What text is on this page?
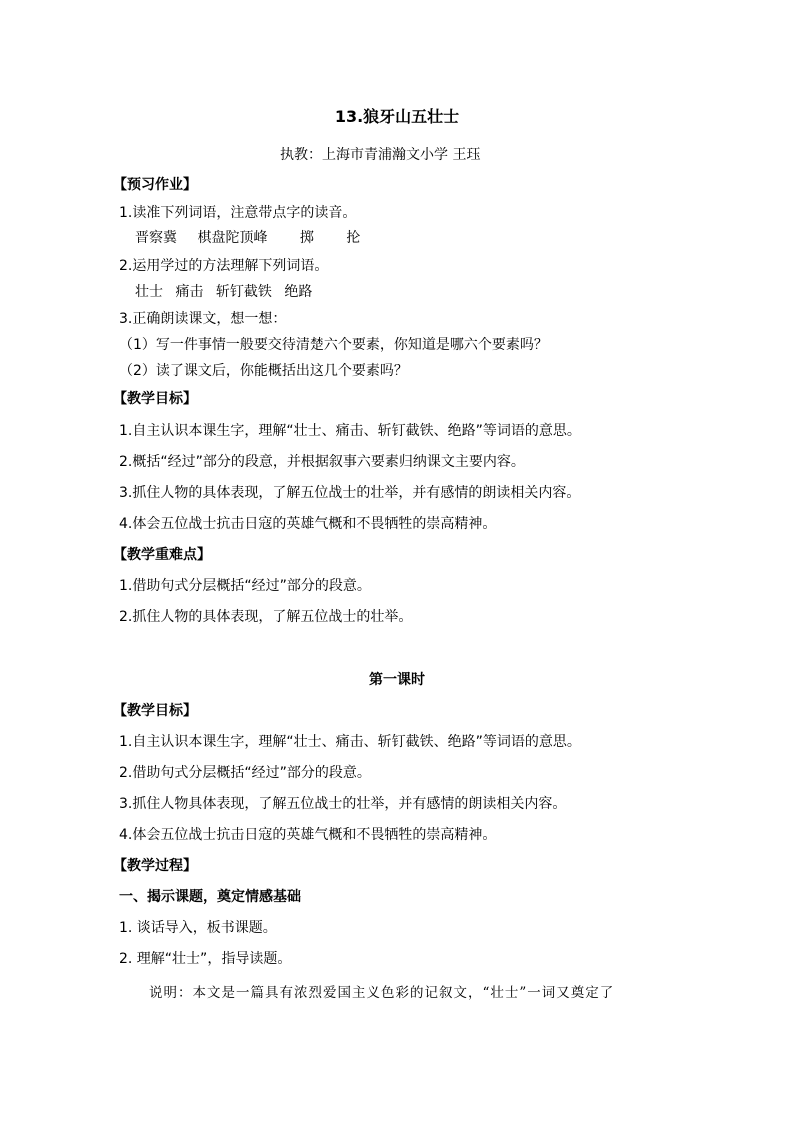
13.狼牙山五壮士
执教：上海市青浦瀚文小学 王珏
【预习作业】
1.读准下列词语，注意带点字的读音。
晋察冀 棋盘陀顶峰 掷 抡
2.运用学过的方法理解下列词语。
壮士 痛击 斩钉截铁 绝路
3.正确朗读课文，想一想：
（1）写一件事情一般要交待清楚六个要素，你知道是哪六个要素吗？
（2）读了课文后，你能概括出这几个要素吗？
【教学目标】
1.自主认识本课生字，理解“壮士、痛击、斩钉截铁、绝路”等词语的意思。
2.概括“经过”部分的段意，并根据叙事六要素归纳课文主要内容。
3.抓住人物的具体表现，了解五位战士的壮举，并有感情的朗读相关内容。
4.体会五位战士抗击日寇的英雄气概和不畏牺牲的崇高精神。
【教学重难点】
1.借助句式分层概括“经过”部分的段意。
2.抓住人物的具体表现，了解五位战士的壮举。
第一课时
【教学目标】
1.自主认识本课生字，理解“壮士、痛击、斩钉截铁、绝路”等词语的意思。
2.借助句式分层概括“经过”部分的段意。
3.抓住人物具体表现，了解五位战士的壮举，并有感情的朗读相关内容。
4.体会五位战士抗击日寇的英雄气概和不畏牺牲的崇高精神。
【教学过程】
一、揭示课题，奠定情感基础
1. 谈话导入，板书课题。
2. 理解“壮士”，指导读题。
说明：本文是一篇具有浓烈爱国主义色彩的记叙文，“壮士”一词又奠定了
